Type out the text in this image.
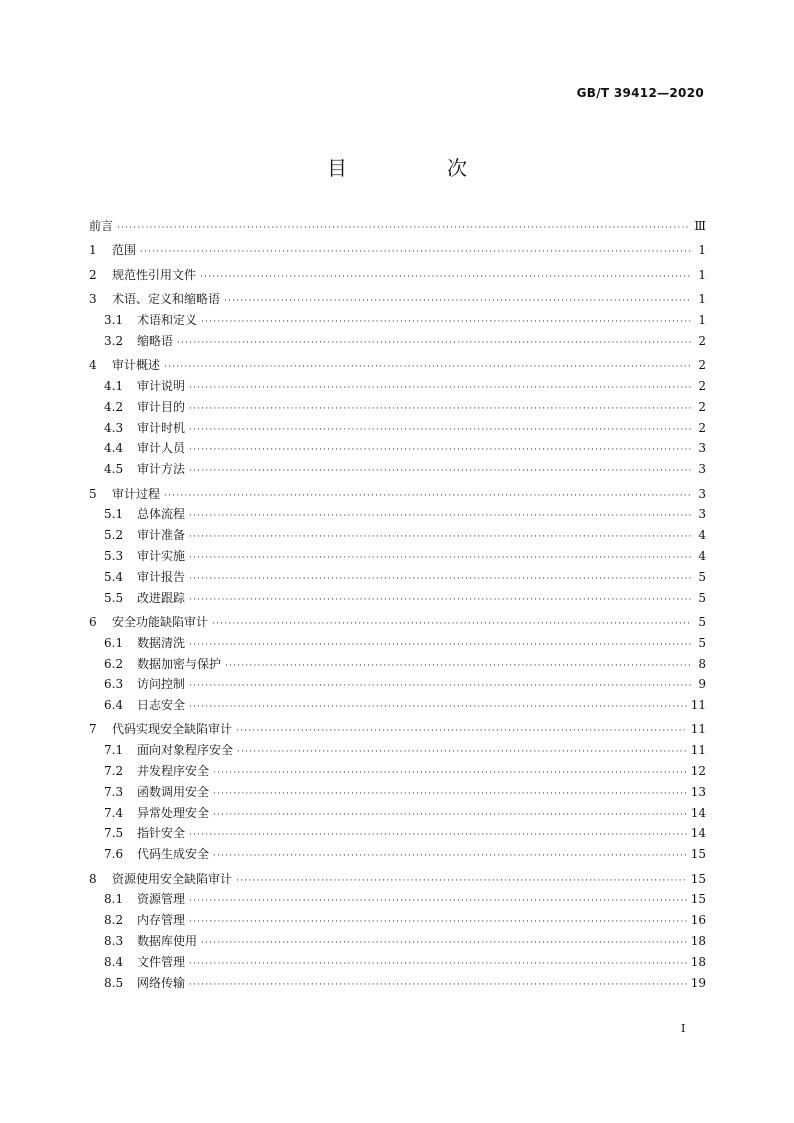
GB/T 39412—2020
目　次
前言 ·····	Ⅲ
1	范围 ·····	1
2	规范性引用文件 ·····	1
3	术语、定义和缩略语 ·····	1
3.1	术语和定义 ·····	1
3.2	缩略语 ·····	2
4	审计概述 ·····	2
4.1	审计说明 ·····	2
4.2	审计目的 ·····	2
4.3	审计时机 ·····	2
4.4	审计人员 ·····	3
4.5	审计方法 ·····	3
5	审计过程 ·····	3
5.1	总体流程 ·····	3
5.2	审计准备 ·····	4
5.3	审计实施 ·····	4
5.4	审计报告 ·····	5
5.5	改进跟踪 ·····	5
6	安全功能缺陷审计 ·····	5
6.1	数据清洗 ·····	5
6.2	数据加密与保护 ·····	8
6.3	访问控制 ·····	9
6.4	日志安全 ·····	11
7	代码实现安全缺陷审计 ·····	11
7.1	面向对象程序安全 ·····	11
7.2	并发程序安全 ·····	12
7.3	函数调用安全 ·····	13
7.4	异常处理安全 ·····	14
7.5	指针安全 ·····	14
7.6	代码生成安全 ·····	15
8	资源使用安全缺陷审计 ·····	15
8.1	资源管理 ·····	15
8.2	内存管理 ·····	16
8.3	数据库使用 ·····	18
8.4	文件管理 ·····	18
8.5	网络传输 ·····	19
I
